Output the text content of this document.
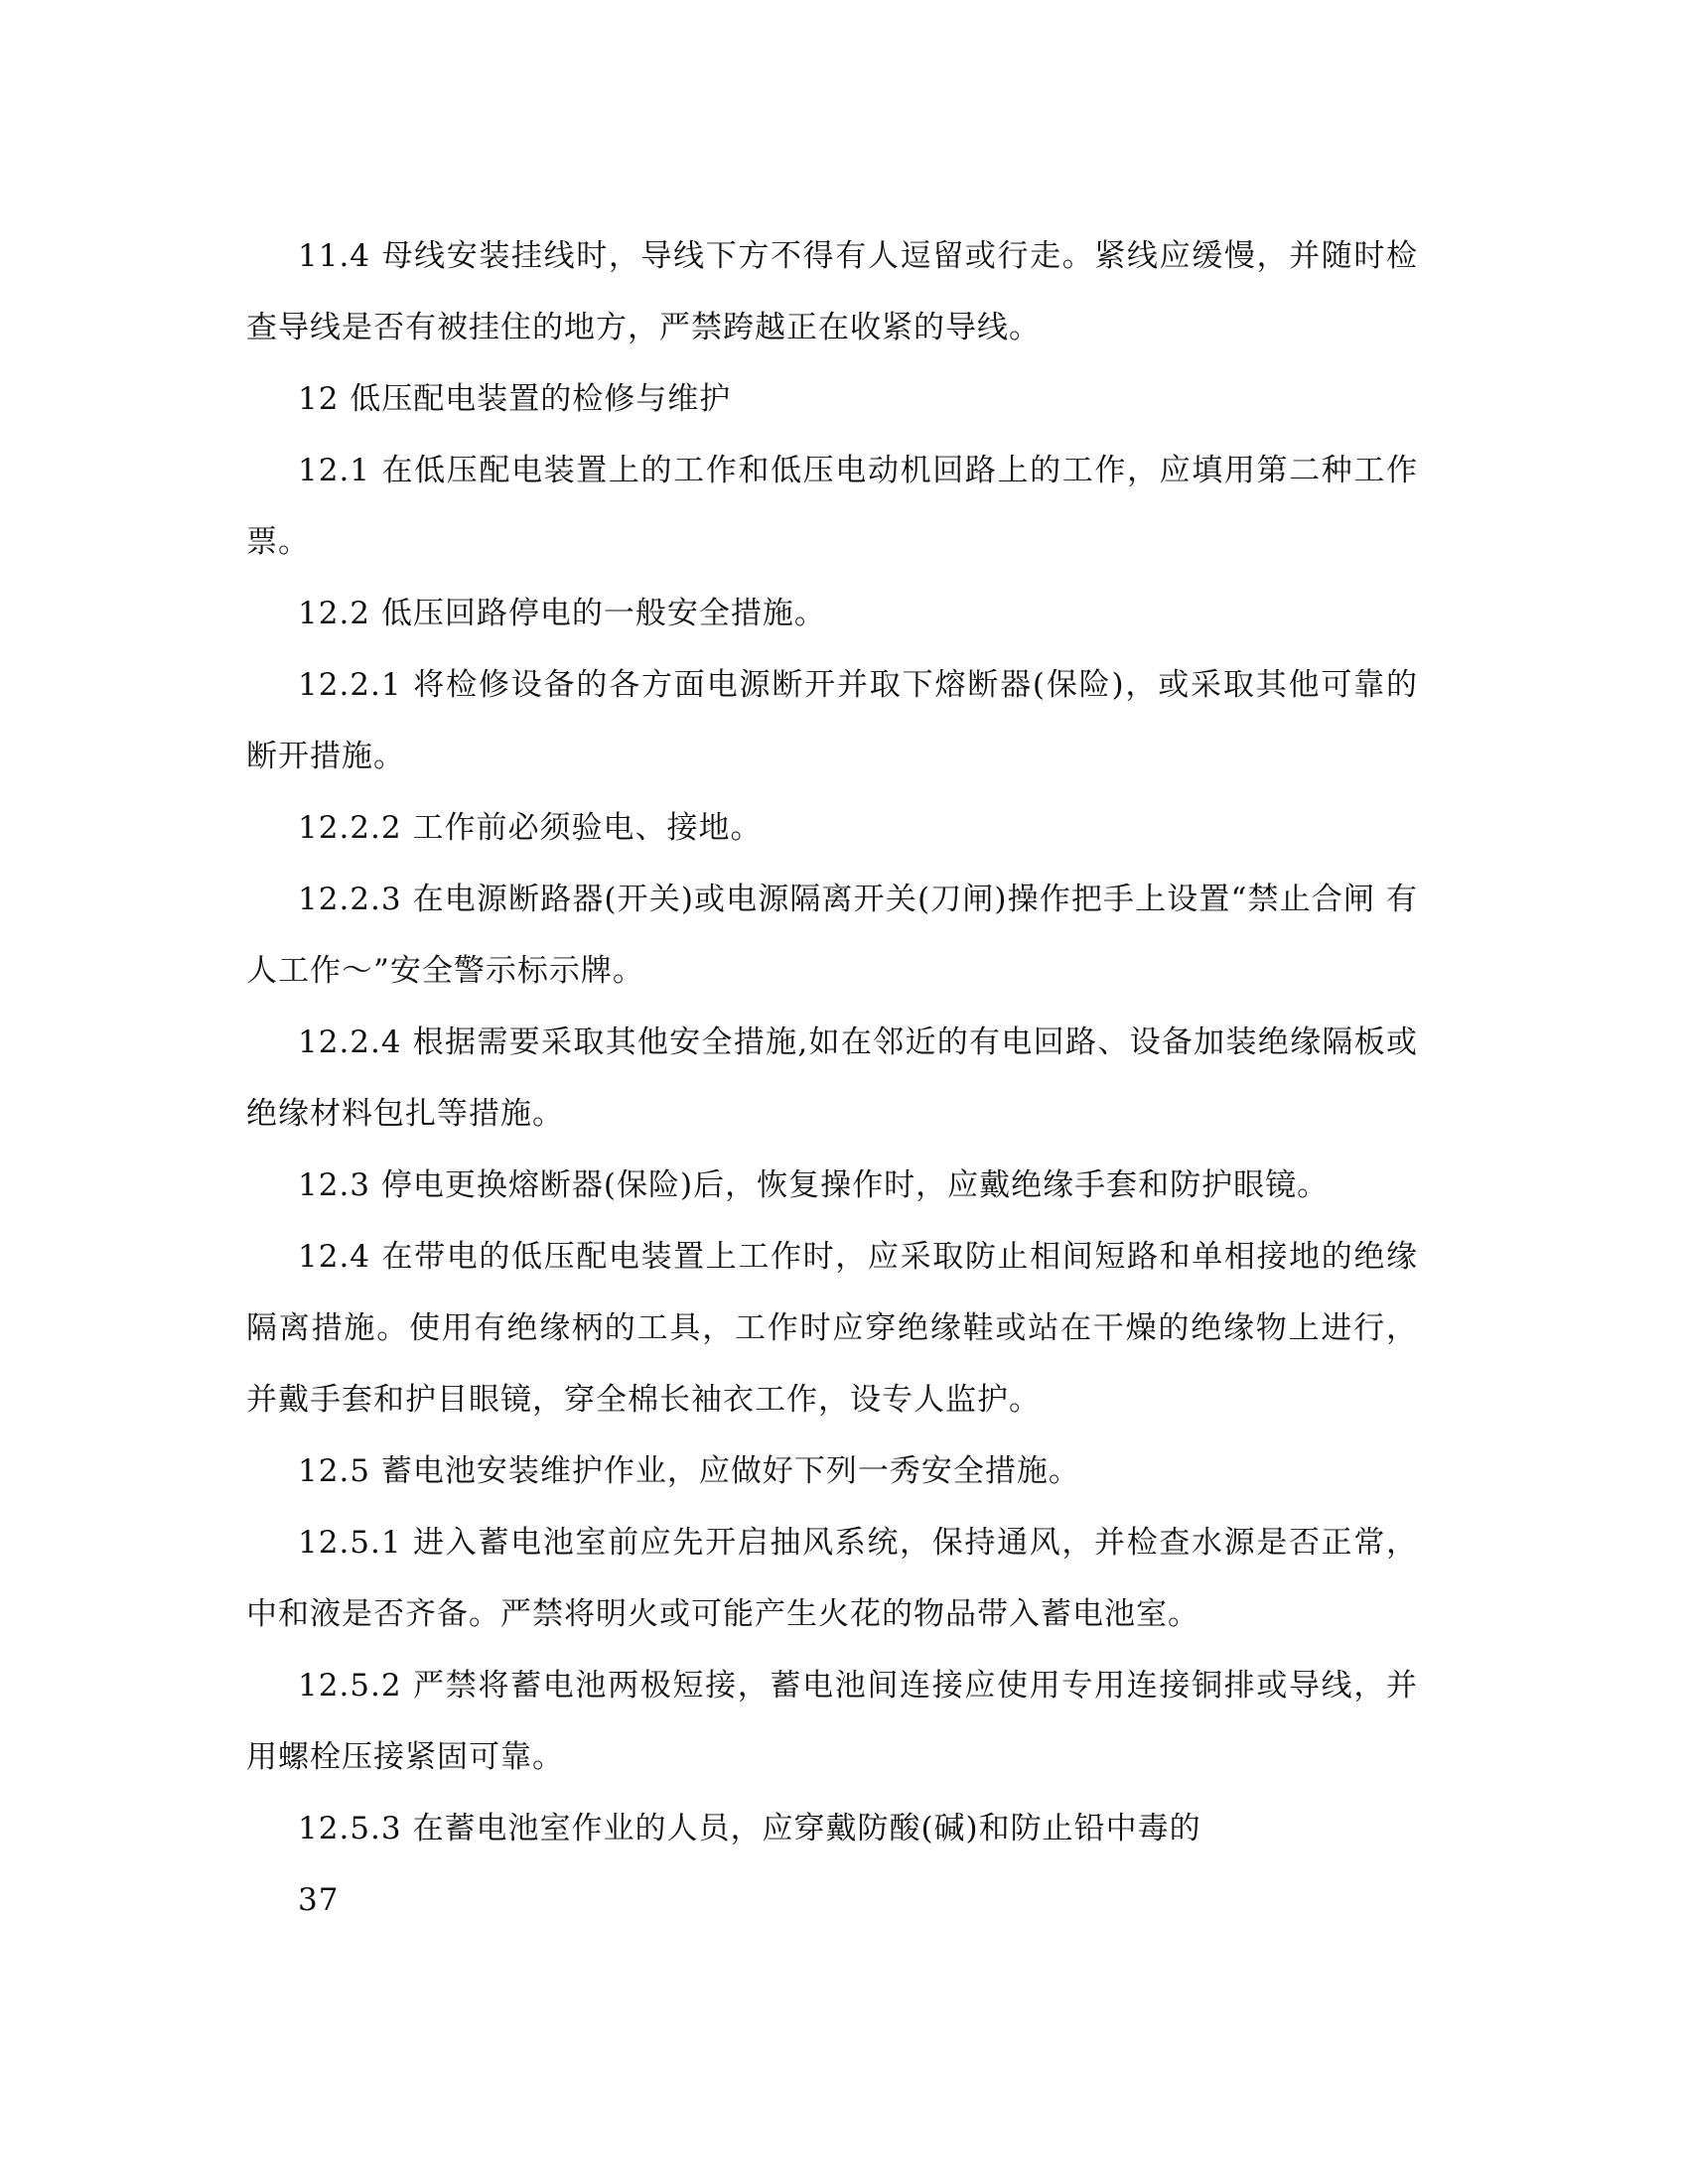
11.4 母线安装挂线时，导线下方不得有人逗留或行走。紧线应缓慢，并随时检查导线是否有被挂住的地方，严禁跨越正在收紧的导线。

12 低压配电装置的检修与维护

12.1 在低压配电装置上的工作和低压电动机回路上的工作，应填用第二种工作票。

12.2 低压回路停电的一般安全措施。

12.2.1 将检修设备的各方面电源断开并取下熔断器(保险)，或采取其他可靠的断开措施。

12.2.2 工作前必须验电、接地。

12.2.3 在电源断路器(开关)或电源隔离开关(刀闸)操作把手上设置“禁止合闸 有人工作～”安全警示标示牌。

12.2.4 根据需要采取其他安全措施,如在邻近的有电回路、设备加装绝缘隔板或绝缘材料包扎等措施。

12.3 停电更换熔断器(保险)后，恢复操作时，应戴绝缘手套和防护眼镜。

12.4 在带电的低压配电装置上工作时，应采取防止相间短路和单相接地的绝缘隔离措施。使用有绝缘柄的工具，工作时应穿绝缘鞋或站在干燥的绝缘物上进行，并戴手套和护目眼镜，穿全棉长袖衣工作，设专人监护。

12.5 蓄电池安装维护作业，应做好下列一秀安全措施。

12.5.1 进入蓄电池室前应先开启抽风系统，保持通风，并检查水源是否正常，中和液是否齐备。严禁将明火或可能产生火花的物品带入蓄电池室。

12.5.2 严禁将蓄电池两极短接，蓄电池间连接应使用专用连接铜排或导线，并用螺栓压接紧固可靠。

12.5.3 在蓄电池室作业的人员，应穿戴防酸(碱)和防止铅中毒的

37
